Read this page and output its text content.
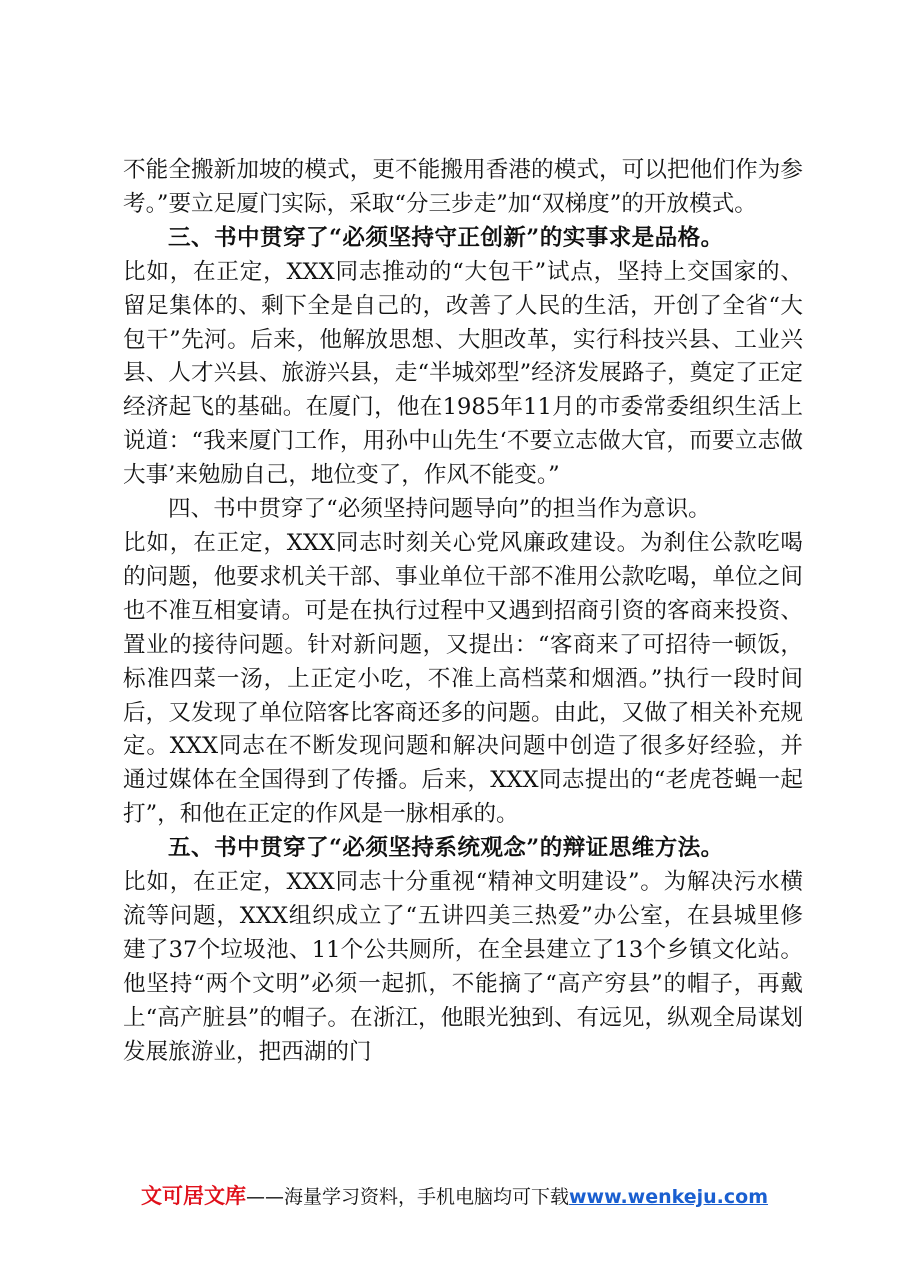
不能全搬新加坡的模式，更不能搬用香港的模式，可以把他们作为参考。”要立足厦门实际，采取“分三步走”加“双梯度”的开放模式。

三、书中贯穿了“必须坚持守正创新”的实事求是品格。

比如，在正定，XXX同志推动的“大包干”试点，坚持上交国家的、留足集体的、剩下全是自己的，改善了人民的生活，开创了全省“大包干”先河。后来，他解放思想、大胆改革，实行科技兴县、工业兴县、人才兴县、旅游兴县，走“半城郊型”经济发展路子，奠定了正定经济起飞的基础。在厦门，他在1985年11月的市委常委组织生活上说道：“我来厦门工作，用孙中山先生‘不要立志做大官，而要立志做大事’来勉励自己，地位变了，作风不能变。”

四、书中贯穿了“必须坚持问题导向”的担当作为意识。

比如，在正定，XXX同志时刻关心党风廉政建设。为刹住公款吃喝的问题，他要求机关干部、事业单位干部不准用公款吃喝，单位之间也不准互相宴请。可是在执行过程中又遇到招商引资的客商来投资、置业的接待问题。针对新问题，又提出：“客商来了可招待一顿饭，标准四菜一汤，上正定小吃，不准上高档菜和烟酒。”执行一段时间后，又发现了单位陪客比客商还多的问题。由此，又做了相关补充规定。XXX同志在不断发现问题和解决问题中创造了很多好经验，并通过媒体在全国得到了传播。后来，XXX同志提出的“老虎苍蝇一起打”，和他在正定的作风是一脉相承的。

五、书中贯穿了“必须坚持系统观念”的辩证思维方法。

比如，在正定，XXX同志十分重视“精神文明建设”。为解决污水横流等问题，XXX组织成立了“五讲四美三热爱”办公室，在县城里修建了37个垃圾池、11个公共厕所，在全县建立了13个乡镇文化站。他坚持“两个文明”必须一起抓，不能摘了“高产穷县”的帽子，再戴上“高产脏县”的帽子。在浙江，他眼光独到、有远见，纵观全局谋划发展旅游业，把西湖的门

文可居文库——海量学习资料，手机电脑均可下载www.wenkeju.com
